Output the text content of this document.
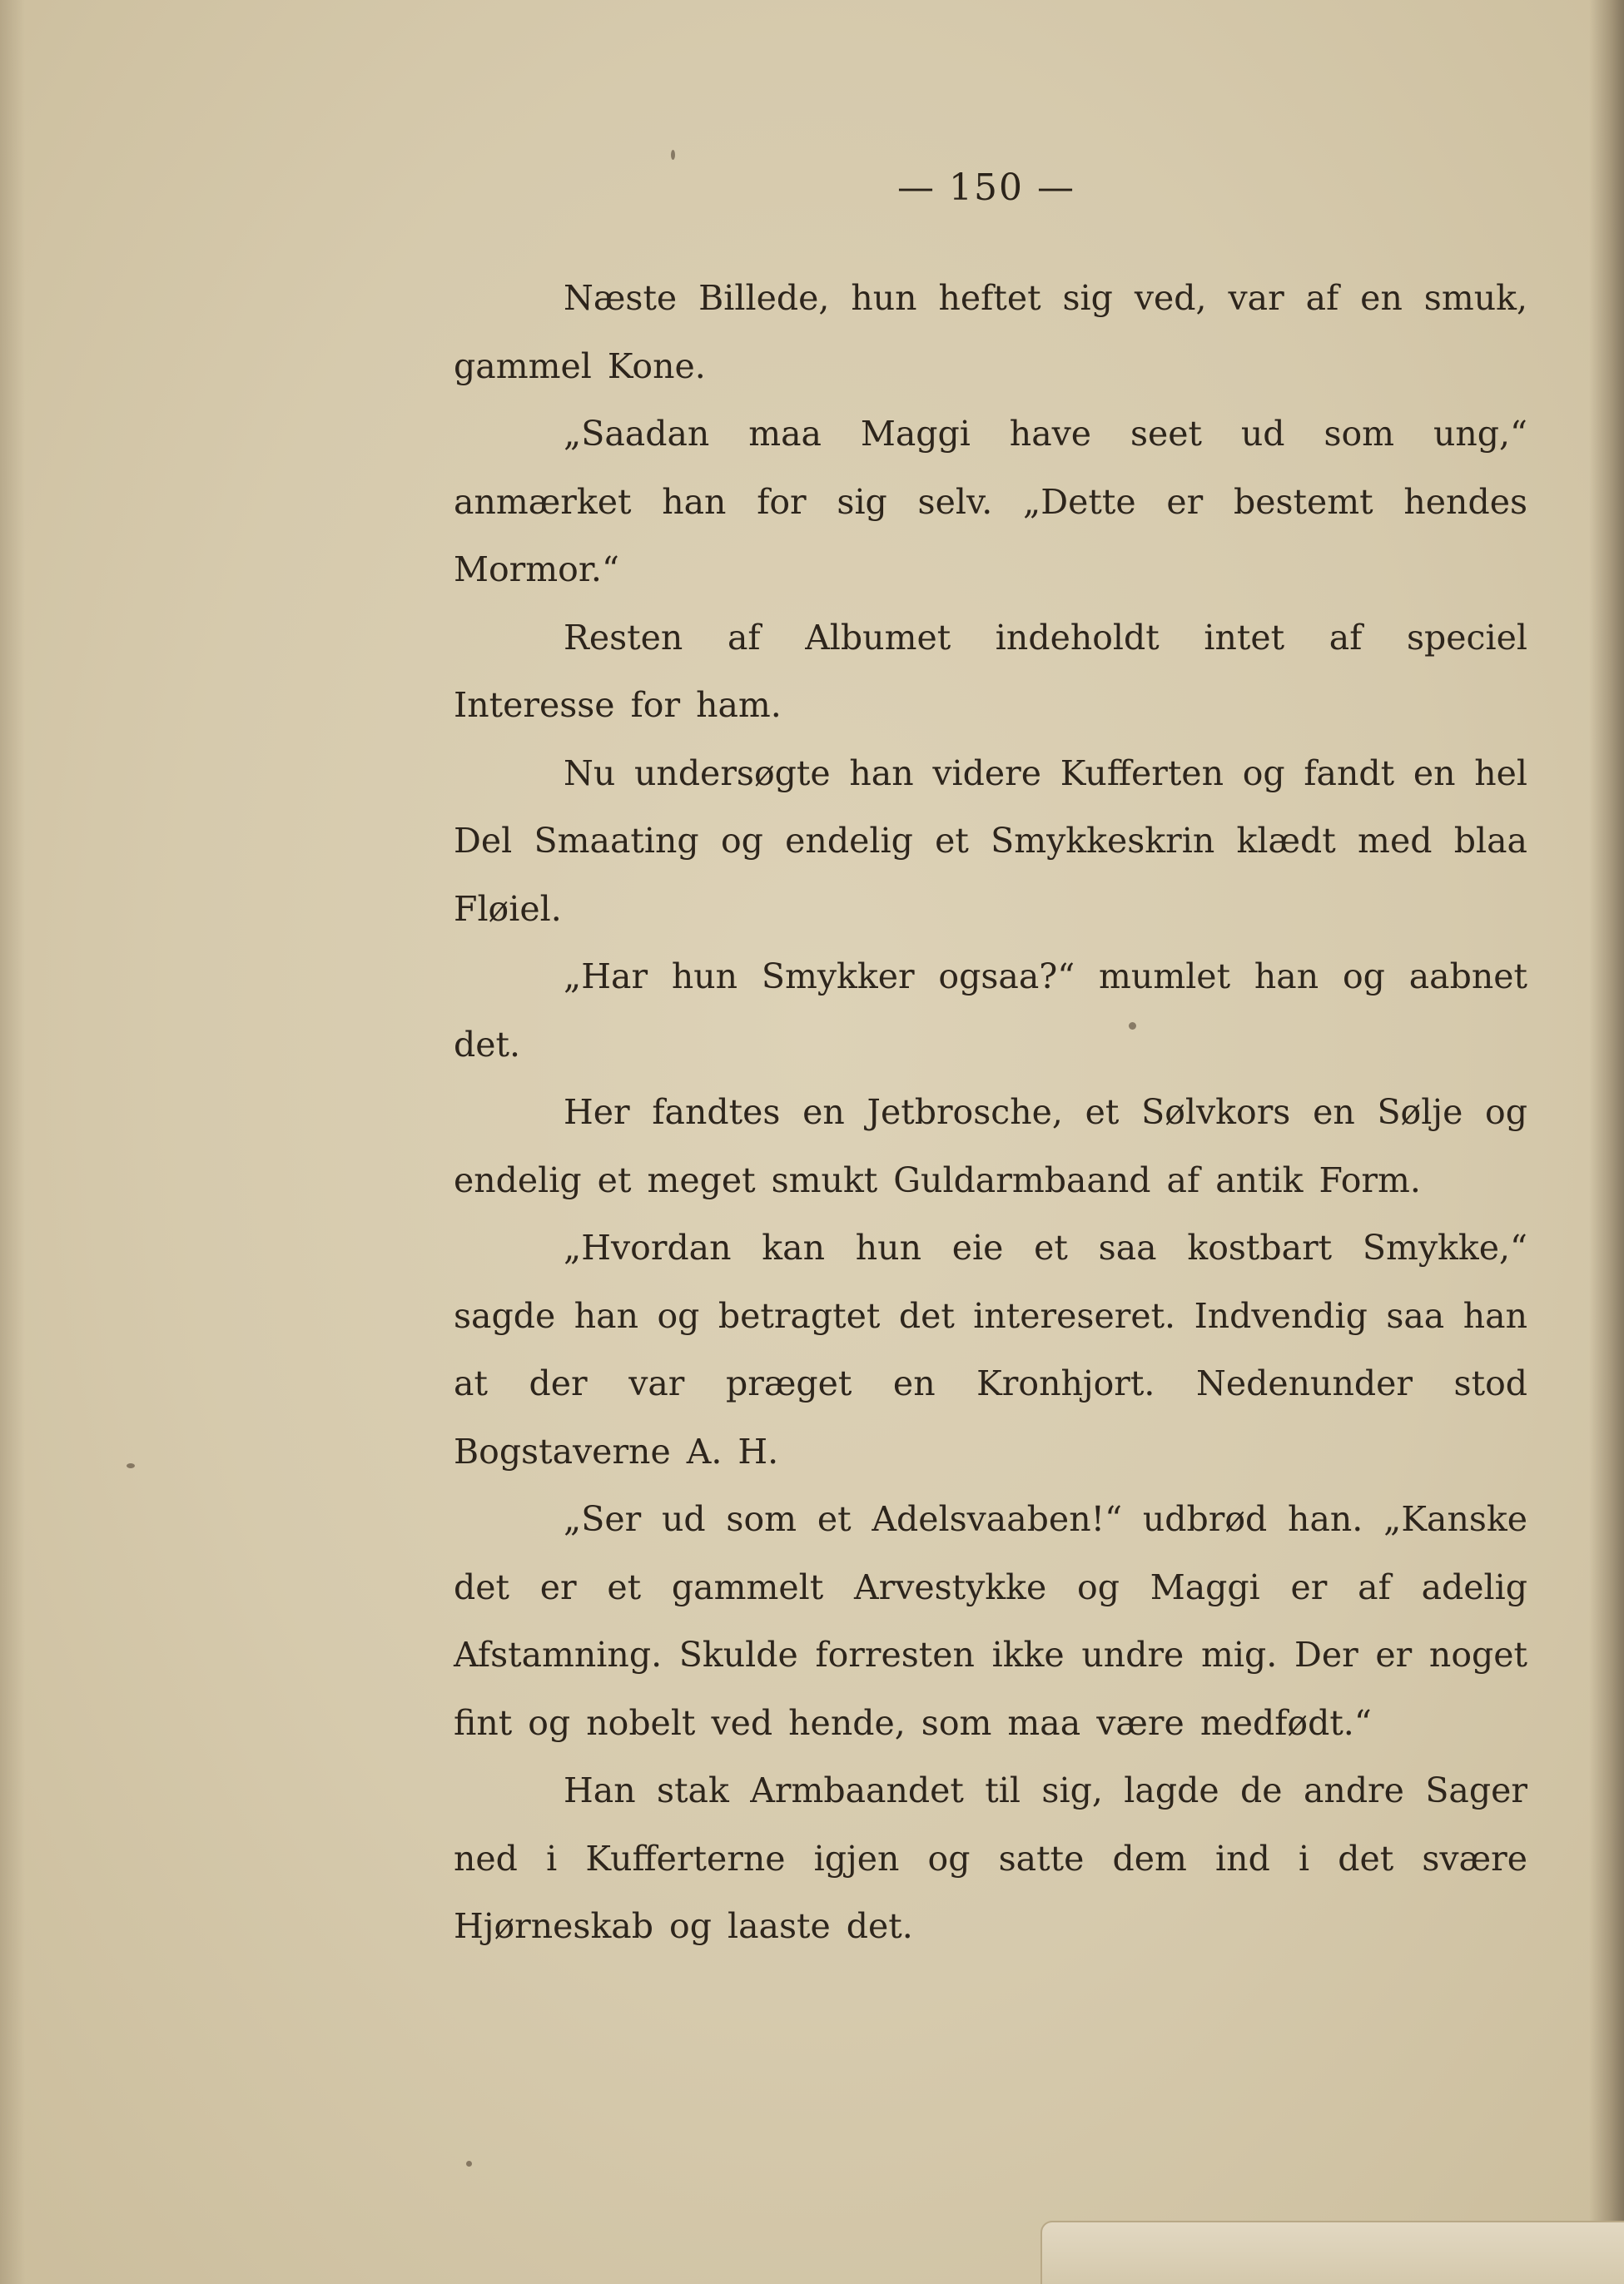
— 150 —

Næste Billede, hun heftet sig ved, var af en smuk, gammel Kone.

„Saadan maa Maggi have seet ud som ung,“ anmærket han for sig selv. „Dette er bestemt hendes Mormor.“

Resten af Albumet indeholdt intet af speciel Interesse for ham.

Nu undersøgte han videre Kufferten og fandt en hel Del Smaating og endelig et Smykkeskrin klædt med blaa Fløiel.

„Har hun Smykker ogsaa?“ mumlet han og aabnet det.

Her fandtes en Jetbrosche, et Sølvkors en Sølje og endelig et meget smukt Guldarmbaand af antik Form.

„Hvordan kan hun eie et saa kostbart Smykke,“ sagde han og betragtet det intereseret. Indvendig saa han at der var præget en Kronhjort. Nedenunder stod Bogstaverne A. H.

„Ser ud som et Adelsvaaben!“ udbrød han. „Kanske det er et gammelt Arvestykke og Maggi er af adelig Afstamning. Skulde forresten ikke undre mig. Der er noget fint og nobelt ved hende, som maa være medfødt.“

Han stak Armbaandet til sig, lagde de andre Sager ned i Kufferterne igjen og satte dem ind i det svære Hjørneskab og laaste det.
